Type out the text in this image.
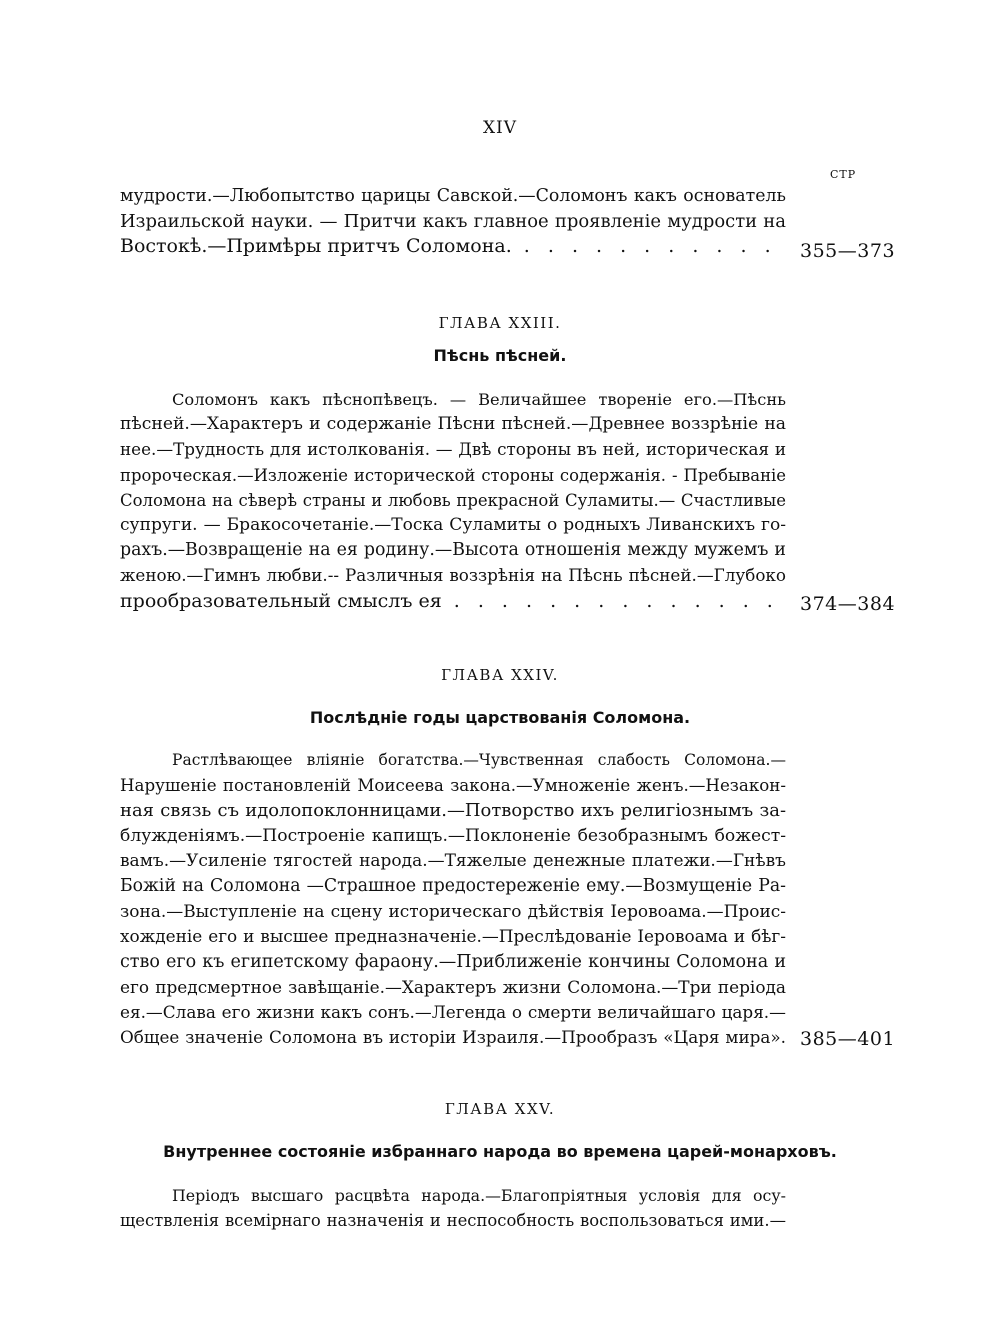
XIV
СТР
мудрости.—Любопытство царицы Савской.—Соломонъ какъ основатель
Израильской науки. — Притчи какъ главное проявленіе мудрости на
Востокѣ.—Примѣры притчъ Соломона. . . .	355—373
ГЛАВА XXIII.
Пѣснь пѣсней.
Соломонъ какъ пѣснопѣвецъ. — Величайшее твореніе его.—Пѣснь
пѣсней.—Характеръ и содержаніе Пѣсни пѣсней.—Древнее воззрѣніе на
нее.—Трудность для истолкованія. — Двѣ стороны въ ней, историческая и
пророческая.—Изложеніе исторической стороны содержанія. - Пребываніе
Соломона на сѣверѣ страны и любовь прекрасной Суламиты.— Счастливые
супруги. — Бракосочетаніе.—Тоска Суламиты о родныхъ Ливанскихъ го-
рахъ.—Возвращеніе на ея родину.—Высота отношенія между мужемъ и
женою.—Гимнъ любви.-- Различныя воззрѣнія на Пѣснь пѣсней.—Глубоко
прообразовательный смыслъ ея . . .	374—384
ГЛАВА XXIV.
Послѣдніе годы царствованія Соломона.
Растлѣвающее вліяніе богатства.—Чувственная слабость Соломона.—
Нарушеніе постановленій Моисеева закона.—Умноженіе женъ.—Незакон-
ная связь съ идолопоклонницами.—Потворство ихъ религіознымъ за-
блужденіямъ.—Построеніе капищъ.—Поклоненіе безобразнымъ божест-
вамъ.—Усиленіе тягостей народа.—Тяжелые денежные платежи.—Гнѣвъ
Божій на Соломона —Страшное предостереженіе ему.—Возмущеніе Ра-
зона.—Выступленіе на сцену историческаго дѣйствія Іеровоама.—Проис-
хожденіе его и высшее предназначеніе.—Преслѣдованіе Іеровоама и бѣг-
ство его къ египетскому фараону.—Приближеніе кончины Соломона и
его предсмертное завѣщаніе.—Характеръ жизни Соломона.—Три періода
ея.—Слава его жизни какъ сонъ.—Легенда о смерти величайшаго царя.—
Общее значеніе Соломона въ исторіи Израиля.—Прообразъ «Царя мира». 385—401
ГЛАВА XXV.
Внутреннее состояніе избраннаго народа во времена царей-монарховъ.
Періодъ высшаго расцвѣта народа.—Благопріятныя условія для осу-
ществленія всемірнаго назначенія и неспособность воспользоваться ими.—
